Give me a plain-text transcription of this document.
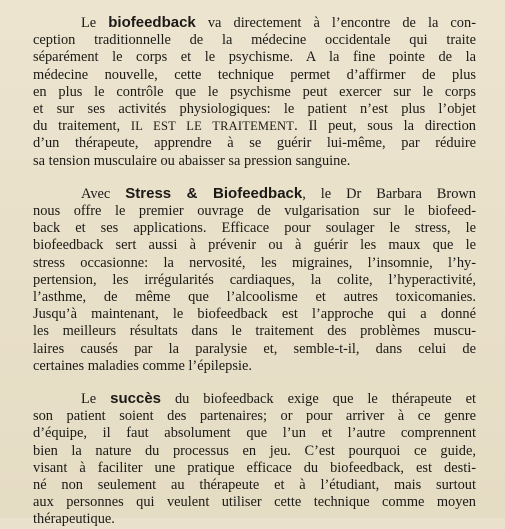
Le biofeedback va directement à l’encontre de la con-
ception traditionnelle de la médecine occidentale qui traite
séparément le corps et le psychisme. A la fine pointe de la
médecine nouvelle, cette technique permet d’affirmer de plus
en plus le contrôle que le psychisme peut exercer sur le corps
et sur ses activités physiologiques: le patient n’est plus l’objet
du traitement, IL EST LE TRAITEMENT. Il peut, sous la direction
d’un thérapeute, apprendre à se guérir lui-même, par réduire
sa tension musculaire ou abaisser sa pression sanguine.

Avec Stress & Biofeedback, le Dr Barbara Brown
nous offre le premier ouvrage de vulgarisation sur le biofeed-
back et ses applications. Efficace pour soulager le stress, le
biofeedback sert aussi à prévenir ou à guérir les maux que le
stress occasionne: la nervosité, les migraines, l’insomnie, l’hy-
pertension, les irrégularités cardiaques, la colite, l’hyperactivité,
l’asthme, de même que l’alcoolisme et autres toxicomanies.
Jusqu’à maintenant, le biofeedback est l’approche qui a donné
les meilleurs résultats dans le traitement des problèmes muscu-
laires causés par la paralysie et, semble-t-il, dans celui de
certaines maladies comme l’épilepsie.

Le succès du biofeedback exige que le thérapeute et
son patient soient des partenaires; or pour arriver à ce genre
d’équipe, il faut absolument que l’un et l’autre comprennent
bien la nature du processus en jeu. C’est pourquoi ce guide,
visant à faciliter une pratique efficace du biofeedback, est desti-
né non seulement au thérapeute et à l’étudiant, mais surtout
aux personnes qui veulent utiliser cette technique comme moyen
thérapeutique.
